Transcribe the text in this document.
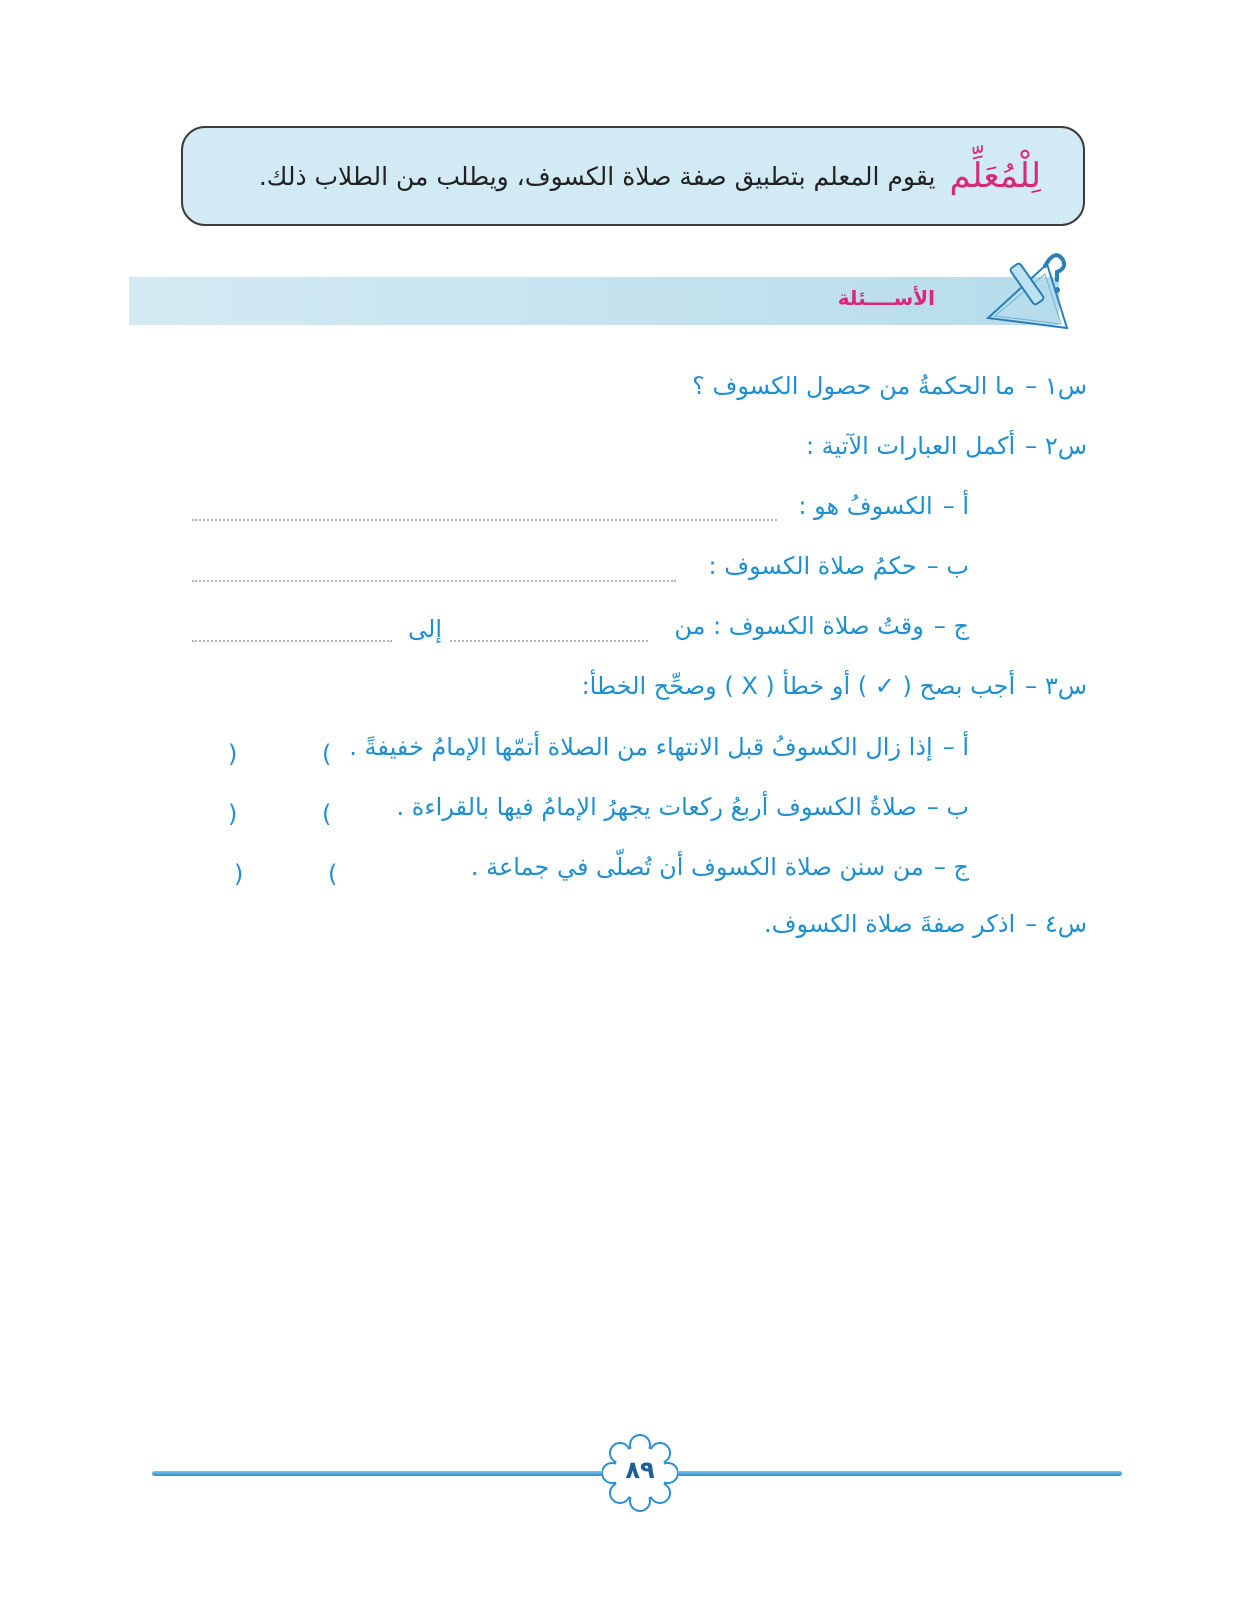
لِلْمُعَلِّم
يقوم المعلم بتطبيق صفة صلاة الكسوف، ويطلب من الطلاب ذلك.
الأســــئلة
س١ –ما الحكمةُ من حصول الكسوف ؟
س٢ –أكمل العبارات الآتية :
أ –الكسوفُ هو :
ب –حكمُ صلاة الكسوف :
ج –وقتُ صلاة الكسوف : من
إلى
س٣ –أجب بصح ( ✓ ) أو خطأ ( X ) وصحِّح الخطأ:
أ –إذا زال الكسوفُ قبل الانتهاء من الصلاة أتمّها الإمامُ خفيفةً .
(
)
ب –صلاةُ الكسوف أربعُ ركعات يجهرُ الإمامُ فيها بالقراءة .
(
)
ج –من سنن صلاة الكسوف أن تُصلّى في جماعة .
(
)
س٤ –اذكر صفةَ صلاة الكسوف.
٨٩
